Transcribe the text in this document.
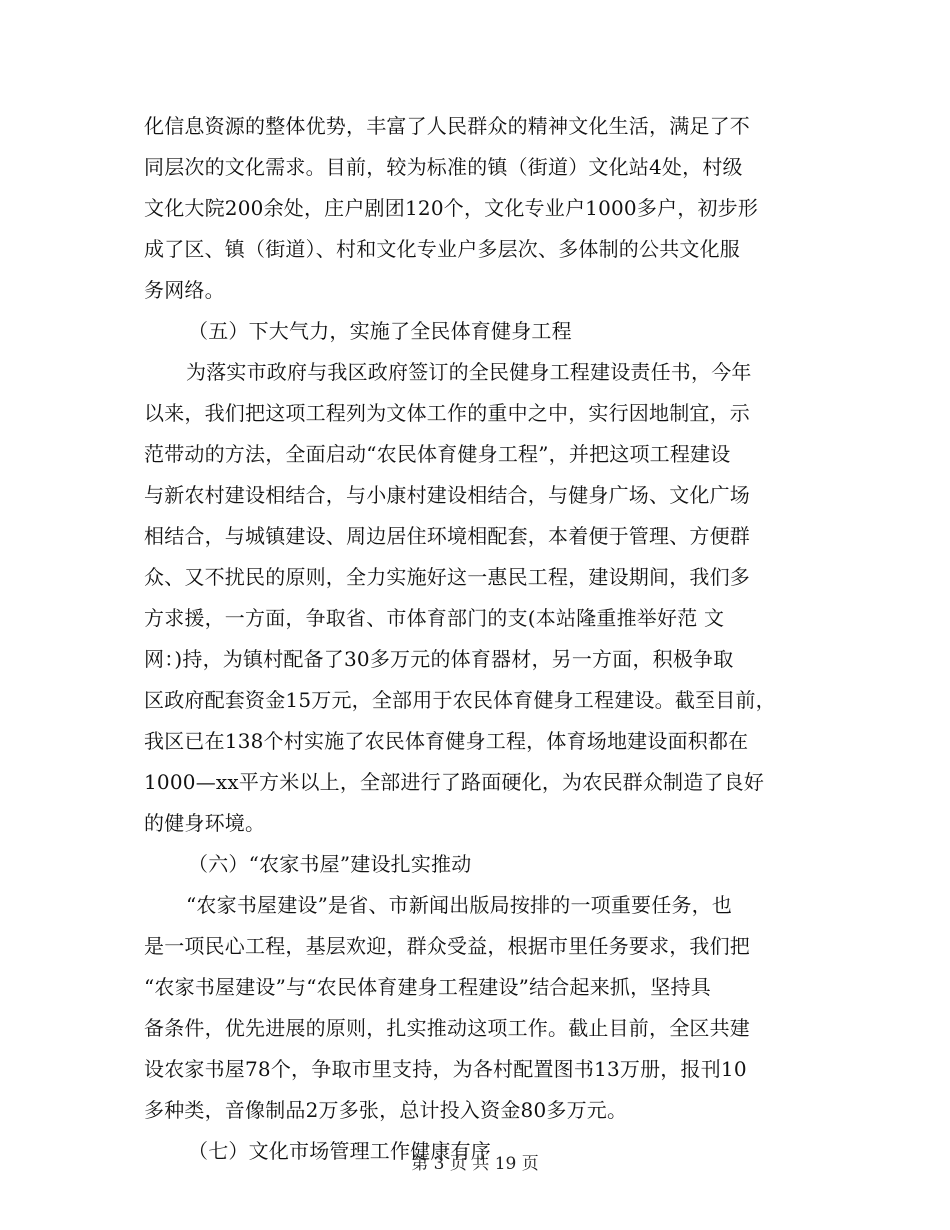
化信息资源的整体优势，丰富了人民群众的精神文化生活，满足了不
同层次的文化需求。目前，较为标准的镇（街道）文化站4处，村级
文化大院200余处，庄户剧团120个，文化专业户1000多户，初步形
成了区、镇（街道）、村和文化专业户多层次、多体制的公共文化服
务网络。
（五）下大气力，实施了全民体育健身工程
为落实市政府与我区政府签订的全民健身工程建设责任书，今年
以来，我们把这项工程列为文体工作的重中之中，实行因地制宜，示
范带动的方法，全面启动“农民体育健身工程”，并把这项工程建设
与新农村建设相结合，与小康村建设相结合，与健身广场、文化广场
相结合，与城镇建设、周边居住环境相配套，本着便于管理、方便群
众、又不扰民的原则，全力实施好这一惠民工程，建设期间，我们多
方求援，一方面，争取省、市体育部门的支(本站隆重推举好范 文
网：)持，为镇村配备了30多万元的体育器材，另一方面，积极争取
区政府配套资金15万元，全部用于农民体育健身工程建设。截至目前，
我区已在138个村实施了农民体育健身工程，体育场地建设面积都在
1000—xx平方米以上，全部进行了路面硬化，为农民群众制造了良好
的健身环境。
（六）“农家书屋”建设扎实推动
“农家书屋建设”是省、市新闻出版局按排的一项重要任务，也
是一项民心工程，基层欢迎，群众受益，根据市里任务要求，我们把
“农家书屋建设”与“农民体育建身工程建设”结合起来抓，坚持具
备条件，优先进展的原则，扎实推动这项工作。截止目前，全区共建
设农家书屋78个，争取市里支持，为各村配置图书13万册，报刊10
多种类，音像制品2万多张，总计投入资金80多万元。
（七）文化市场管理工作健康有序
第 3 页 共 19 页
